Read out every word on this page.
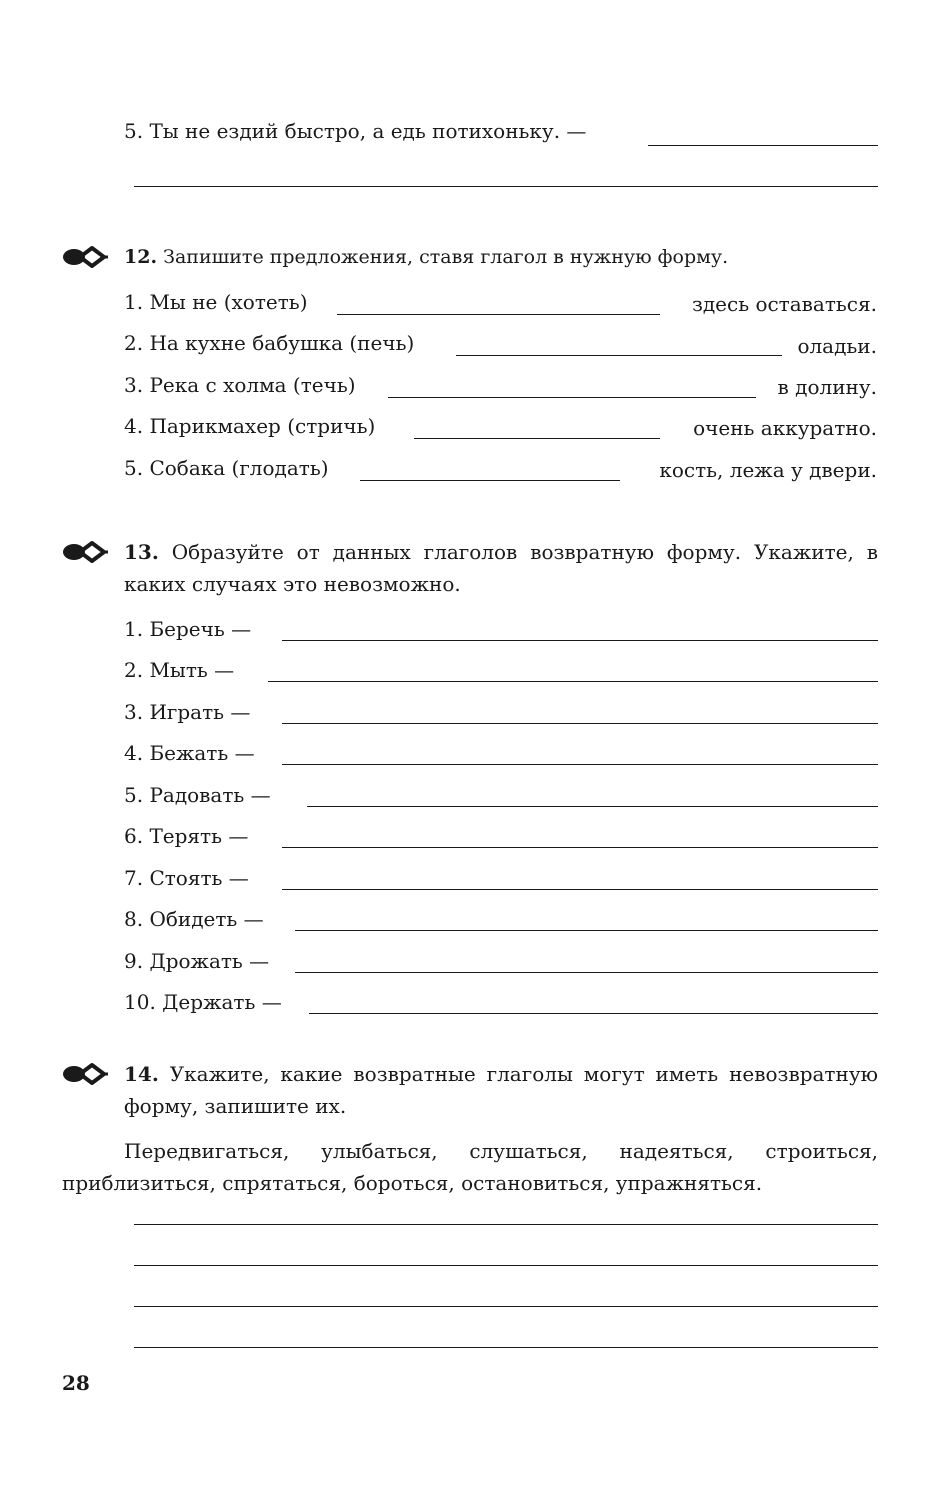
5. Ты не ездий быстро, а едь потихоньку. —
12. Запишите предложения, ставя глагол в нужную форму.
1. Мы не (хотеть)	здесь оставаться.
2. На кухне бабушка (печь)	оладьи.
3. Река с холма (течь)	в долину.
4. Парикмахер (стричь)	очень аккуратно.
5. Собака (глодать)	кость, лежа у двери.
13. Образуйте от данных глаголов возвратную форму. Укажите, в
каких случаях это невозможно.
1. Беречь —
2. Мыть —
3. Играть —
4. Бежать —
5. Радовать —
6. Терять —
7. Стоять —
8. Обидеть —
9. Дрожать —
10. Держать —
14. Укажите, какие возвратные глаголы могут иметь невозвратную
форму, запишите их.
Передвигаться, улыбаться, слушаться, надеяться, строиться,
приблизиться, спрятаться, бороться, остановиться, упражняться.
28
